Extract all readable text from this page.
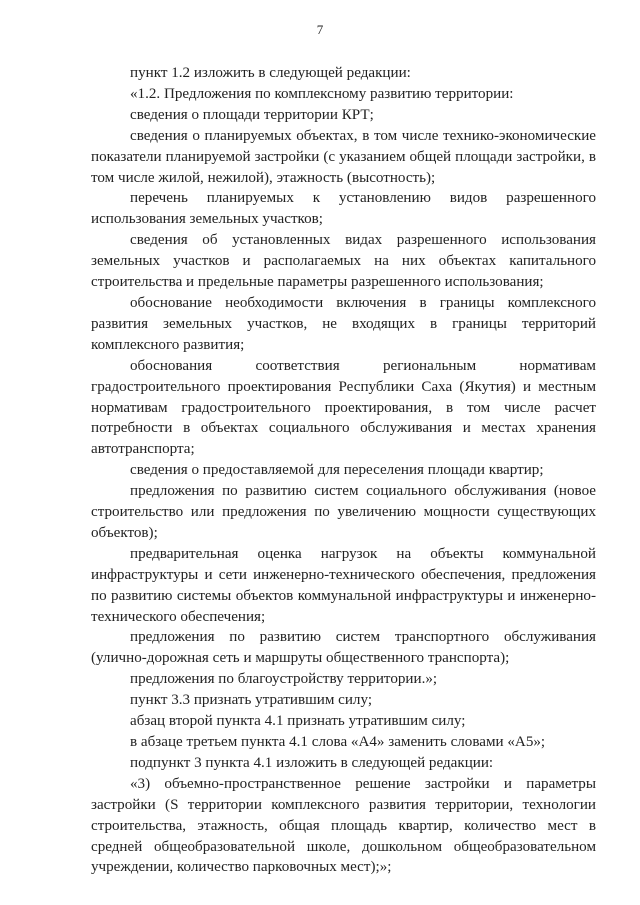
7

пункт 1.2 изложить в следующей редакции:

«1.2. Предложения по комплексному развитию территории:

сведения о площади территории КРТ;

сведения о планируемых объектах, в том числе технико-экономические показатели планируемой застройки (с указанием общей площади застройки, в том числе жилой, нежилой), этажность (высотность);

перечень планируемых к установлению видов разрешенного использования земельных участков;

сведения об установленных видах разрешенного использования земельных участков и располагаемых на них объектах капитального строительства и предельные параметры разрешенного использования;

обоснование необходимости включения в границы комплексного развития земельных участков, не входящих в границы территорий комплексного развития;

обоснования соответствия региональным нормативам градостроительного проектирования Республики Саха (Якутия) и местным нормативам градостроительного проектирования, в том числе расчет потребности в объектах социального обслуживания и местах хранения автотранспорта;

сведения о предоставляемой для переселения площади квартир;

предложения по развитию систем социального обслуживания (новое строительство или предложения по увеличению мощности существующих объектов);

предварительная оценка нагрузок на объекты коммунальной инфраструктуры и сети инженерно-технического обеспечения, предложения по развитию системы объектов коммунальной инфраструктуры и инженерно-технического обеспечения;

предложения по развитию систем транспортного обслуживания (улично-дорожная сеть и маршруты общественного транспорта);

предложения по благоустройству территории.»;

пункт 3.3 признать утратившим силу;

абзац второй пункта 4.1 признать утратившим силу;

в абзаце третьем пункта 4.1 слова «А4» заменить словами «А5»;

подпункт 3 пункта 4.1 изложить в следующей редакции:

«3) объемно-пространственное решение застройки и параметры застройки (S территории комплексного развития территории, технологии строительства, этажность, общая площадь квартир, количество мест в средней общеобразовательной школе, дошкольном общеобразовательном учреждении, количество парковочных мест);»;
